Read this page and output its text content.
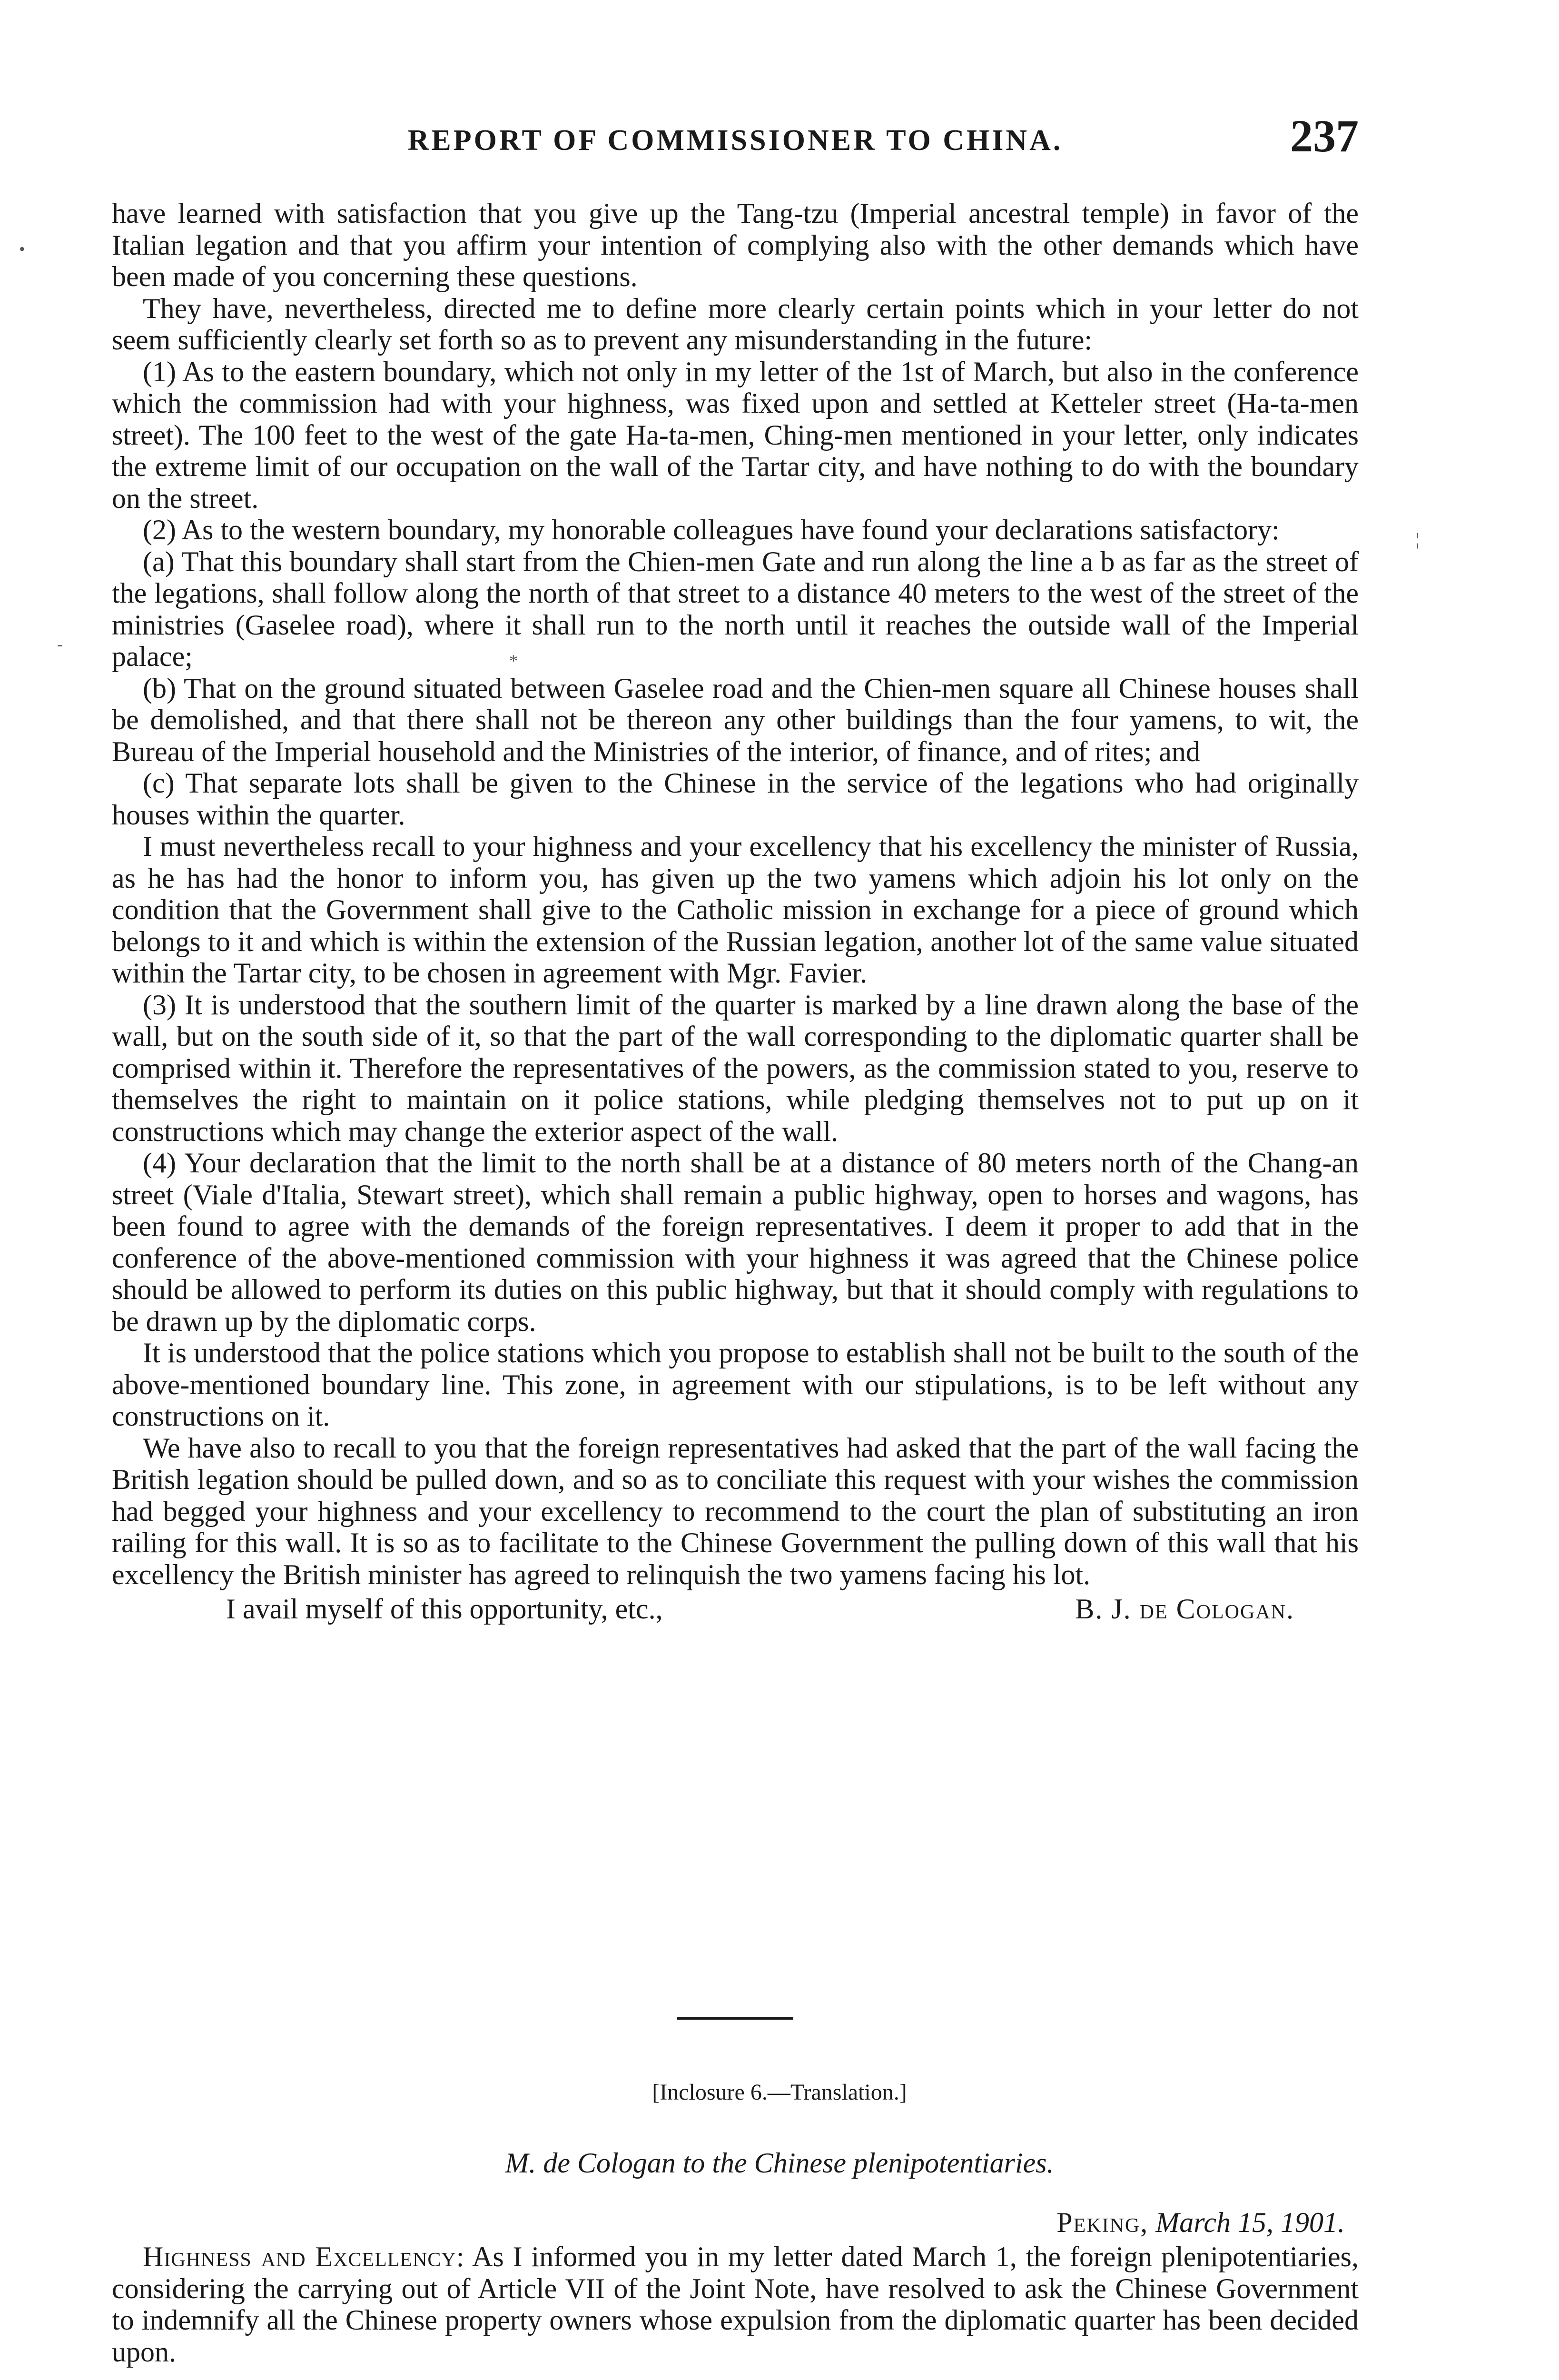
REPORT OF COMMISSIONER TO CHINA.	237
•
-
¦
*

have learned with satisfaction that you give up the Tang-tzu (Imperial ancestral temple) in favor of the Italian legation and that you affirm your intention of complying also with the other demands which have been made of you concerning these questions.

They have, nevertheless, directed me to define more clearly certain points which in your letter do not seem sufficiently clearly set forth so as to prevent any misunderstanding in the future:

(1) As to the eastern boundary, which not only in my letter of the 1st of March, but also in the conference which the commission had with your highness, was fixed upon and settled at Ketteler street (Ha-ta-men street). The 100 feet to the west of the gate Ha-ta-men, Ching-men mentioned in your letter, only indicates the extreme limit of our occupation on the wall of the Tartar city, and have nothing to do with the boundary on the street.

(2) As to the western boundary, my honorable colleagues have found your declarations satisfactory:

(a) That this boundary shall start from the Chien-men Gate and run along the line a b as far as the street of the legations, shall follow along the north of that street to a distance 40 meters to the west of the street of the ministries (Gaselee road), where it shall run to the north until it reaches the outside wall of the Imperial palace;

(b) That on the ground situated between Gaselee road and the Chien-men square all Chinese houses shall be demolished, and that there shall not be thereon any other buildings than the four yamens, to wit, the Bureau of the Imperial household and the Ministries of the interior, of finance, and of rites; and

(c) That separate lots shall be given to the Chinese in the service of the legations who had originally houses within the quarter.

I must nevertheless recall to your highness and your excellency that his excellency the minister of Russia, as he has had the honor to inform you, has given up the two yamens which adjoin his lot only on the condition that the Government shall give to the Catholic mission in exchange for a piece of ground which belongs to it and which is within the extension of the Russian legation, another lot of the same value situated within the Tartar city, to be chosen in agreement with Mgr. Favier.

(3) It is understood that the southern limit of the quarter is marked by a line drawn along the base of the wall, but on the south side of it, so that the part of the wall corresponding to the diplomatic quarter shall be comprised within it. Therefore the representatives of the powers, as the commission stated to you, reserve to themselves the right to maintain on it police stations, while pledging themselves not to put up on it constructions which may change the exterior aspect of the wall.

(4) Your declaration that the limit to the north shall be at a distance of 80 meters north of the Chang-an street (Viale d'Italia, Stewart street), which shall remain a public highway, open to horses and wagons, has been found to agree with the demands of the foreign representatives. I deem it proper to add that in the conference of the above-mentioned commission with your highness it was agreed that the Chinese police should be allowed to perform its duties on this public highway, but that it should comply with regulations to be drawn up by the diplomatic corps.

It is understood that the police stations which you propose to establish shall not be built to the south of the above-mentioned boundary line. This zone, in agreement with our stipulations, is to be left without any constructions on it.

We have also to recall to you that the foreign representatives had asked that the part of the wall facing the British legation should be pulled down, and so as to conciliate this request with your wishes the commission had begged your highness and your excellency to recommend to the court the plan of substituting an iron railing for this wall. It is so as to facilitate to the Chinese Government the pulling down of this wall that his excellency the British minister has agreed to relinquish the two yamens facing his lot.

I avail myself of this opportunity, etc.,	B. J. de Cologan.
[Inclosure 6.—Translation.]
M. de Cologan to the Chinese plenipotentiaries.
Peking, March 15, 1901.

Highness and Excellency: As I informed you in my letter dated March 1, the foreign plenipotentiaries, considering the carrying out of Article VII of the Joint Note, have resolved to ask the Chinese Government to indemnify all the Chinese property owners whose expulsion from the diplomatic quarter has been decided upon.
